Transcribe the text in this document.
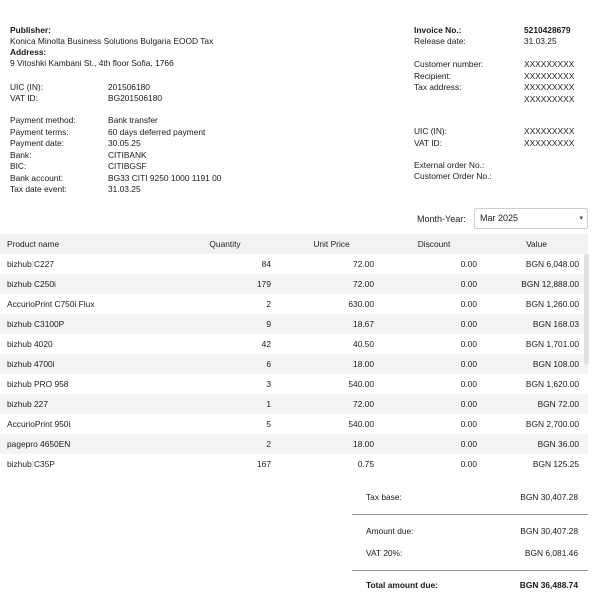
Publisher:
Konica Minolta Business Solutions Bulgaria EOOD Tax
Address:
9 Vitoshki Kambani St., 4th floor Sofia, 1766
UIC (IN):	201506180
VAT ID:	BG201506180
Payment method:	Bank transfer
Payment terms:	60 days deferred payment
Payment date:	30.05.25
Bank:	CITIBANK
BIC:	CITIBGSF
Bank account:	BG33 CITI 9250 1000 1191 00
Tax date event:	31.03.25
Invoice No.:	5210428679
Release date:	31.03.25
Customer number:	XXXXXXXXX
Recipient:	XXXXXXXXX
Tax address:	XXXXXXXXX
XXXXXXXXX
UIC (IN):	XXXXXXXXX
VAT ID:	XXXXXXXXX
External order No.:
Customer Order No.:
Month-Year:	Mar 2025	▾
Product name	Quantity	Unit Price	Discount	Value
bizhub C227	84	72.00	0.00	BGN 6,048.00
bizhub C250i	179	72.00	0.00	BGN 12,888.00
AccurioPrint C750i Flux	2	630.00	0.00	BGN 1,260.00
bizhub C3100P	9	18.67	0.00	BGN 168.03
bizhub 4020	42	40.50	0.00	BGN 1,701.00
bizhub 4700i	6	18.00	0.00	BGN 108.00
bizhub PRO 958	3	540.00	0.00	BGN 1,620.00
bizhub 227	1	72.00	0.00	BGN 72.00
AccurioPrint 950i	5	540.00	0.00	BGN 2,700.00
pagepro 4650EN	2	18.00	0.00	BGN 36.00
bizhub C35P	167	0.75	0.00	BGN 125.25
Tax base:	BGN 30,407.28
Amount due:	BGN 30,407.28
VAT 20%:	BGN 6,081.46
Total amount due:	BGN 36,488.74
